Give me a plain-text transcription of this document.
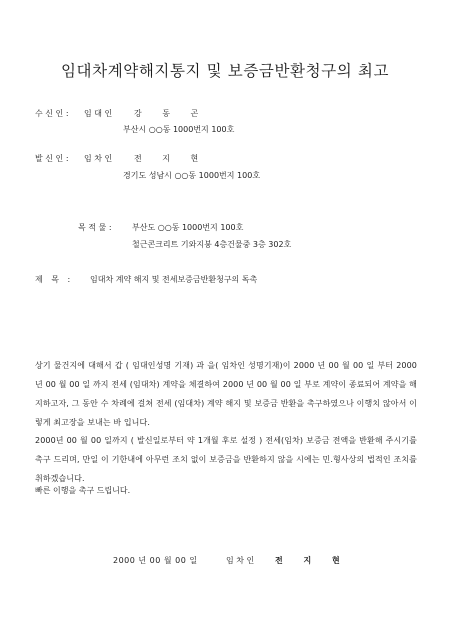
임대차계약해지통지 및 보증금반환청구의 최고
수 신 인 : 임 대 인	강 동 곤
부산시 ○○동 1000번지 100호
발 신 인 : 임 차 인	전 지 현
경기도 성남시 ○○동 1000번지 100호
목 적 물 :	부산도 ○○동 1000번지 100호
철근콘크리트 기와지붕 4층건물중 3층 302호
제 목 : 임대차 계약 해지 및 전세보증금반환청구의 독촉
상기 물건지에 대해서 갑 ( 임대인성명 기재) 과 을( 임차인 성명기재)이 2000 년 00 월 00 일 부터 2000 년 00 월 00 일 까지 전세 (임대차) 계약을 체결하여 2000 년 00 월 00 일 부로 계약이 종료되어 계약을 해지하고자, 그 동안 수 차례에 걸쳐 전세 (임대차) 계약 해지 및 보증금 반환을 촉구하였으나 이행치 않아서 이렇게 최고장을 보내는 바 입니다.
2000년 00 월 00 일까지 ( 발신일로부터 약 1개월 후로 설정 ) 전세(임차) 보증금 전액을 반환해 주시기를 촉구 드리며, 만일 이 기한내에 아무런 조치 없이 보증금을 반환하지 않을 시에는 민.형사상의 법적인 조치를 취하겠습니다.
빠른 이행을 촉구 드립니다.
2000 년 00 월 00 일	임 차 인	전 지 현
